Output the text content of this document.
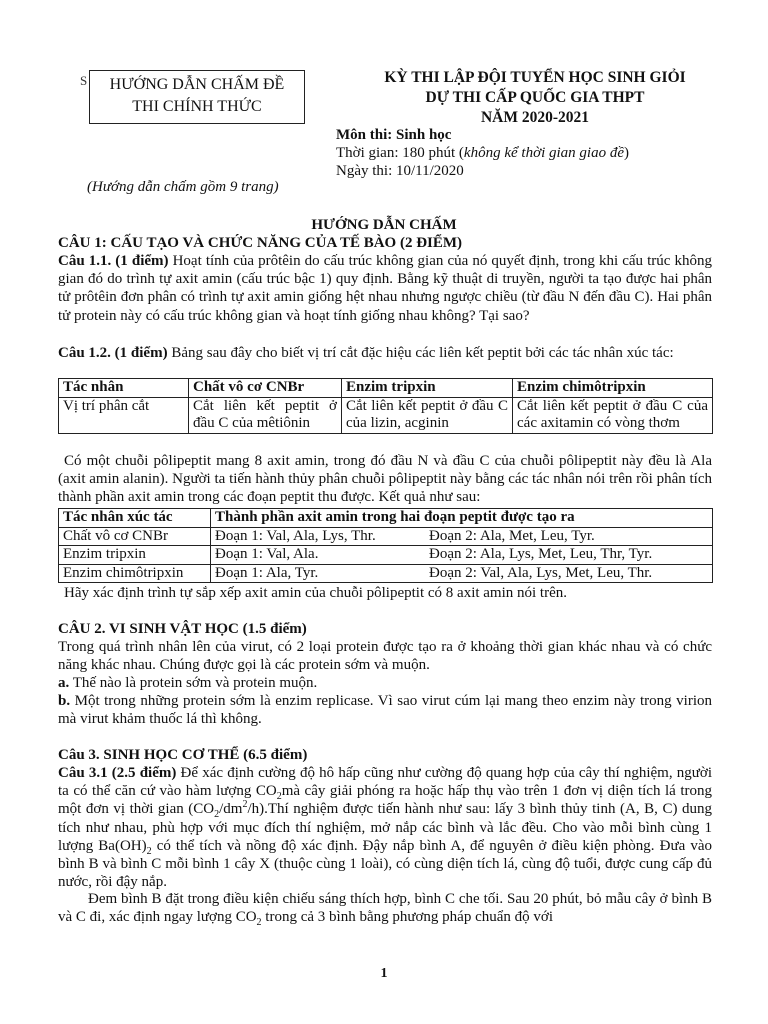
S	HƯỚNG DẪN CHẤM ĐỀ
THI CHÍNH THỨC
KỲ THI LẬP ĐỘI TUYỂN HỌC SINH GIỎI
DỰ THI CẤP QUỐC GIA THPT
NĂM 2020-2021
Môn thi: Sinh học
Thời gian: 180 phút (không kể thời gian giao đề)
Ngày thi: 10/11/2020
(Hướng dẫn chấm gồm 9 trang)
HƯỚNG DẪN CHẤM
CÂU 1: CẤU TẠO VÀ CHỨC NĂNG CỦA TẾ BÀO (2 ĐIỂM)
Câu 1.1. (1 điểm) Hoạt tính của prôtêin do cấu trúc không gian của nó quyết định, trong khi cấu trúc không gian đó do trình tự axit amin (cấu trúc bậc 1) quy định. Bằng kỹ thuật di truyền, người ta tạo được hai phân tử prôtêin đơn phân có trình tự axit amin giống hệt nhau nhưng ngược chiều (từ đầu N đến đầu C). Hai phân tử protein này có cấu trúc không gian và hoạt tính giống nhau không? Tại sao?
Câu 1.2. (1 điểm) Bảng sau đây cho biết vị trí cắt đặc hiệu các liên kết peptit bởi các tác nhân xúc tác:
Tác nhân	Chất vô cơ CNBr	Enzim tripxin	Enzim chimôtripxin
Vị trí phân cắt	Cắt liên kết peptit ở đầu C của mêtiônin	Cắt liên kết peptit ở đầu C của lizin, acginin	Cắt liên kết peptit ở đầu C của các axitamin có vòng thơm
Có một chuỗi pôlipeptit mang 8 axit amin, trong đó đầu N và đầu C của chuỗi pôlipeptit này đều là Ala (axit amin alanin). Người ta tiến hành thủy phân chuỗi pôlipeptit này bằng các tác nhân nói trên rồi phân tích thành phần axit amin trong các đoạn peptit thu được. Kết quả như sau:
Tác nhân xúc tác	Thành phần axit amin trong hai đoạn peptit được tạo ra
Chất vô cơ CNBr	Đoạn 1: Val, Ala, Lys, Thr. Đoạn 2: Ala, Met, Leu, Tyr.
Enzim tripxin	Đoạn 1: Val, Ala. Đoạn 2: Ala, Lys, Met, Leu, Thr, Tyr.
Enzim chimôtripxin	Đoạn 1: Ala, Tyr. Đoạn 2: Val, Ala, Lys, Met, Leu, Thr.
Hãy xác định trình tự sắp xếp axit amin của chuỗi pôlipeptit có 8 axit amin nói trên.
CÂU 2. VI SINH VẬT HỌC (1.5 điểm)
Trong quá trình nhân lên của virut, có 2 loại protein được tạo ra ở khoảng thời gian khác nhau và có chức năng khác nhau. Chúng được gọi là các protein sớm và muộn.
a. Thế nào là protein sớm và protein muộn.
b. Một trong những protein sớm là enzim replicase. Vì sao virut cúm lại mang theo enzim này trong virion mà virut khảm thuốc lá thì không.
Câu 3. SINH HỌC CƠ THỂ (6.5 điểm)
Câu 3.1 (2.5 điểm) Để xác định cường độ hô hấp cũng như cường độ quang hợp của cây thí nghiệm, người ta có thể căn cứ vào hàm lượng $CO_2mà$ cây giải phóng ra hoặc hấp thụ vào trên 1 đơn vị diện tích lá trong một đơn vị thời gian $(CO_2/dm^2/h).Thí$ nghiệm được tiến hành như sau: lấy 3 bình thủy tinh (A, B, C) dung tích như nhau, phù hợp với mục đích thí nghiệm, mở nắp các bình và lắc đều. Cho vào mỗi bình cùng 1 lượng $Ba(OH)_2$ có thể tích và nồng độ xác định. Đậy nắp bình A, để nguyên ở điều kiện phòng. Đưa vào bình B và bình C mỗi bình 1 cây X (thuộc cùng 1 loài), có cùng diện tích lá, cùng độ tuổi, được cung cấp đủ nước, rồi đậy nắp.
Đem bình B đặt trong điều kiện chiếu sáng thích hợp, bình C che tối. Sau 20 phút, bỏ mẫu cây ở bình B và C đi, xác định ngay lượng $CO_2$ trong cả 3 bình bằng phương pháp chuẩn độ với
1
